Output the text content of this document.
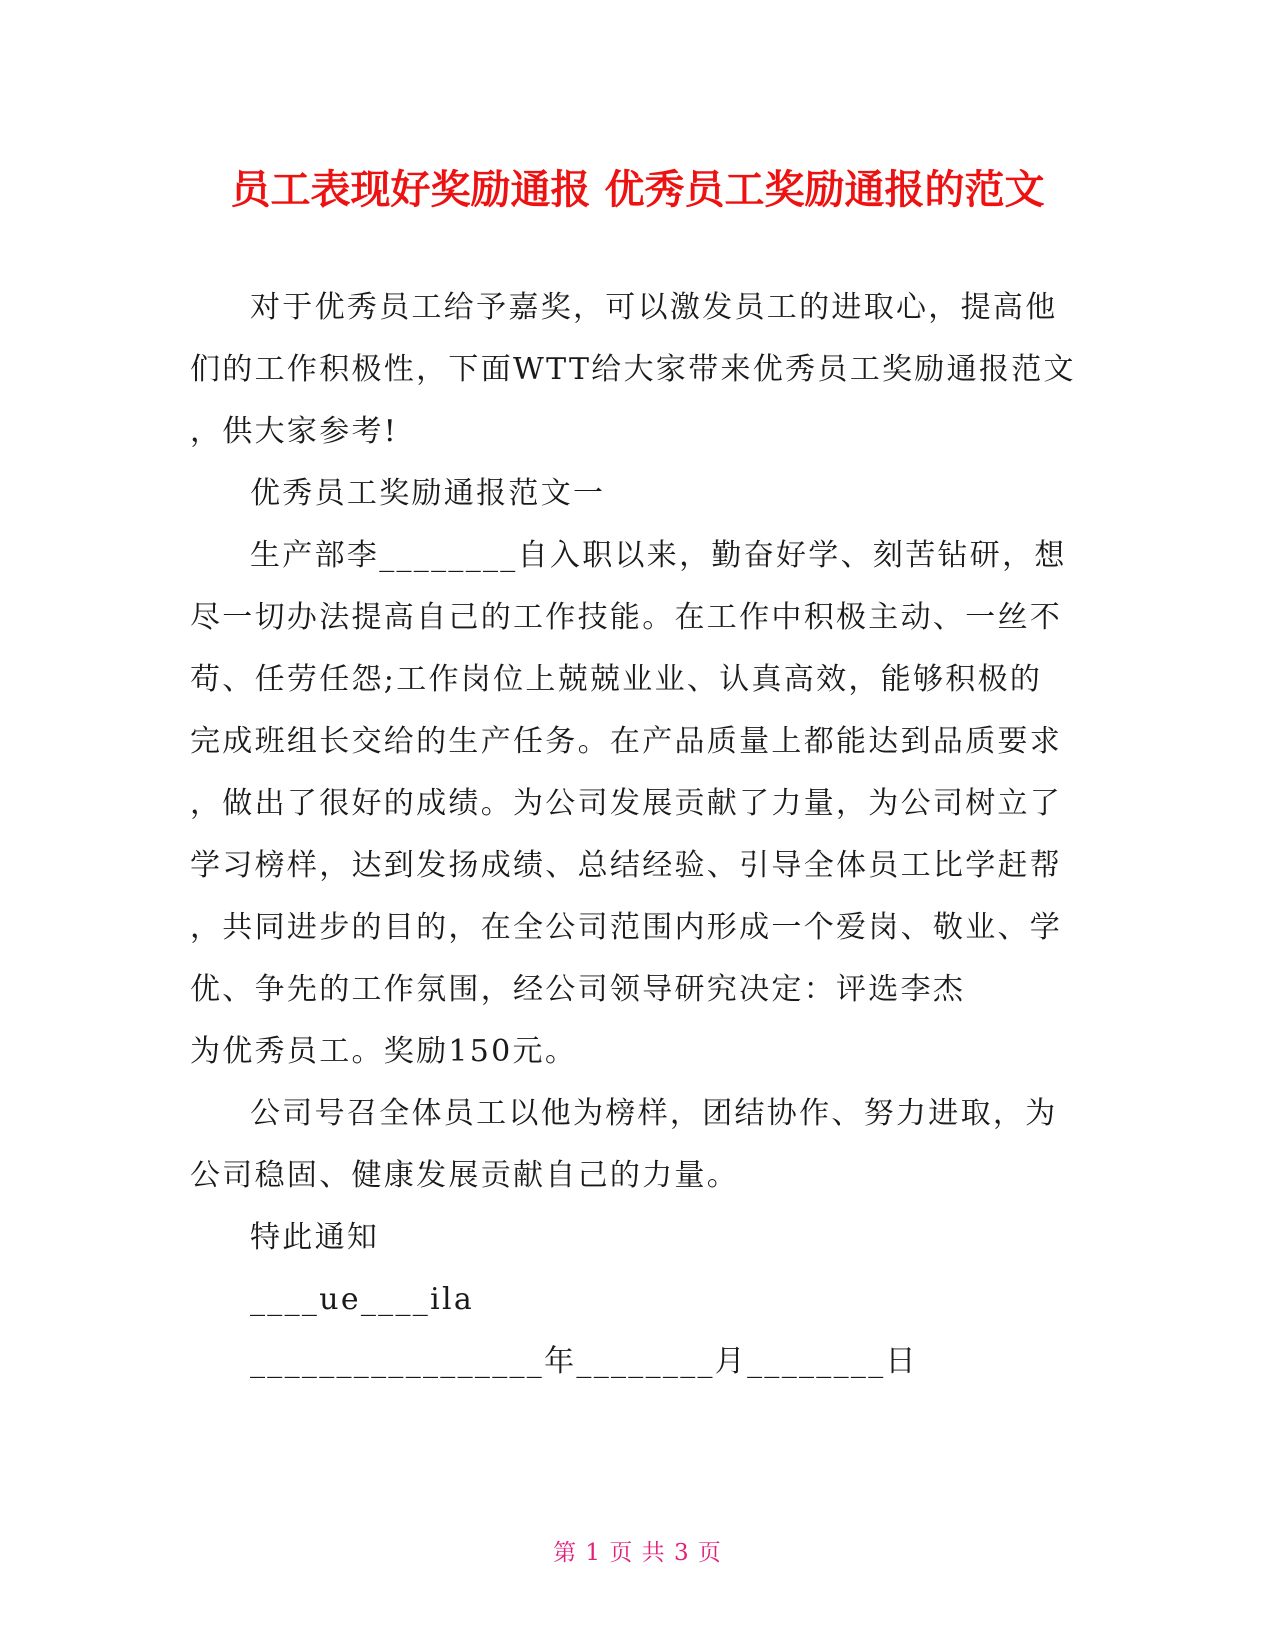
员工表现好奖励通报 优秀员工奖励通报的范文
对于优秀员工给予嘉奖，可以激发员工的进取心，提高他
们的工作积极性，下面WTT给大家带来优秀员工奖励通报范文
，供大家参考!
优秀员工奖励通报范文一
生产部李________自入职以来，勤奋好学、刻苦钻研，想
尽一切办法提高自己的工作技能。在工作中积极主动、一丝不
苟、任劳任怨;工作岗位上兢兢业业、认真高效，能够积极的
完成班组长交给的生产任务。在产品质量上都能达到品质要求
，做出了很好的成绩。为公司发展贡献了力量，为公司树立了
学习榜样，达到发扬成绩、总结经验、引导全体员工比学赶帮
，共同进步的目的，在全公司范围内形成一个爱岗、敬业、学
优、争先的工作氛围，经公司领导研究决定：评选李杰
为优秀员工。奖励150元。
公司号召全体员工以他为榜样，团结协作、努力进取，为
公司稳固、健康发展贡献自己的力量。
特此通知
____ue____ila
_________________年________月________日
第 1 页 共 3 页
